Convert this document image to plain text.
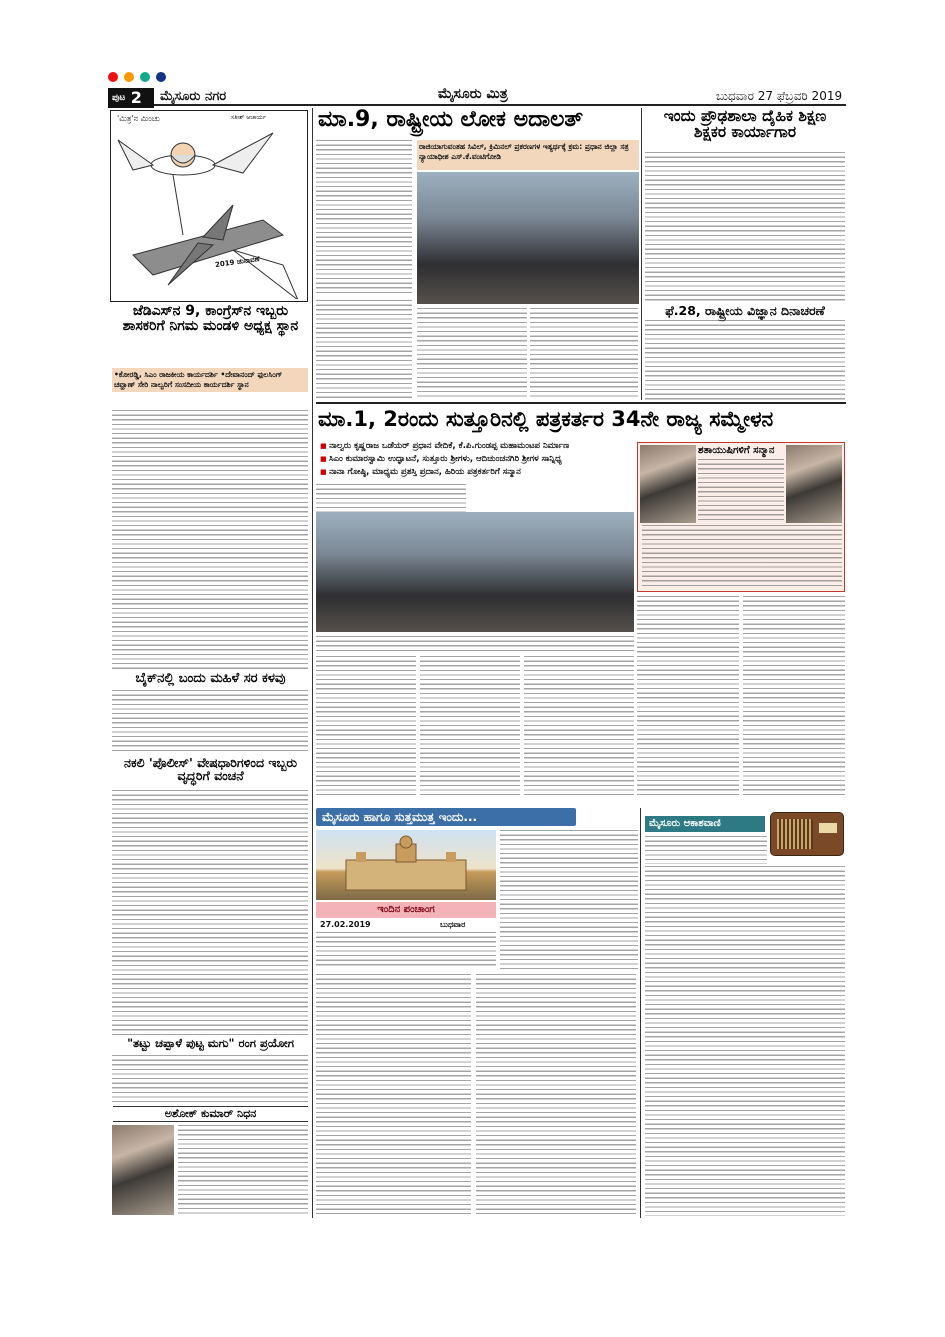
$^{ಪುಟ}$ 2	ಮೈಸೂರು ನಗರ	ಮೈಸೂರು ಮಿತ್ರ	ಬುಧವಾರ 27 ಫೆಬ್ರವರಿ 2019
'ಮಿತ್ರ'ನ ಮಿಂಚು	ಸತೀಶ್ ಆಚಾರ್ಯ
2019 ಚುನಾವಣೆ
ಜೆಡಿಎಸ್‌ನ 9, ಕಾಂಗ್ರೆಸ್‌ನ ಇಬ್ಬರು ಶಾಸಕರಿಗೆ ನಿಗಮ ಮಂಡಳಿ ಅಧ್ಯಕ್ಷ ಸ್ಥಾನ
•ಕೋರಡ್ಡಿ, ಸಿಎಂ ರಾಜಕೀಯ ಕಾರ್ಯದರ್ಶಿ •ದೇವಾನಂದ್ ಫುಲಸಿಂಗ್ ಚವ್ಹಾಣ್ ಸೇರಿ ನಾಲ್ವರಿಗೆ ಸಂಸದೀಯ ಕಾರ್ಯದರ್ಶಿ ಸ್ಥಾನ
ಬೈಕ್‌ನಲ್ಲಿ ಬಂದು ಮಹಿಳೆ ಸರ ಕಳವು
ನಕಲಿ 'ಪೊಲೀಸ್' ವೇಷಧಾರಿಗಳಿಂದ ಇಬ್ಬರು ವೃದ್ಧರಿಗೆ ವಂಚನೆ
"ತಟ್ಟು ಚಪ್ಪಾಳೆ ಪುಟ್ಟ ಮಗು" ರಂಗ ಪ್ರಯೋಗ
ಅಶೋಕ್ ಕುಮಾರ್ ನಿಧನ
ಮಾ.9, ರಾಷ್ಟ್ರೀಯ ಲೋಕ ಅದಾಲತ್
ರಾಜಿಯಾಗುವಂತಹ ಸಿವಿಲ್, ಕ್ರಿಮಿನಲ್ ಪ್ರಕರಣಗಳ ಇತ್ಯರ್ಥಕ್ಕೆ ಕ್ರಮ: ಪ್ರಧಾನ ಜಿಲ್ಲಾ ಸತ್ರ ನ್ಯಾಯಾಧೀಶ ಎಸ್.ಕೆ.ವಂಟಿಗೋಡಿ
ಇಂದು ಪ್ರೌಢಶಾಲಾ ದೈಹಿಕ ಶಿಕ್ಷಣ ಶಿಕ್ಷಕರ ಕಾರ್ಯಾಗಾರ
ಫೆ.28, ರಾಷ್ಟ್ರೀಯ ವಿಜ್ಞಾನ ದಿನಾಚರಣೆ
ಮಾ.1, 2ರಂದು ಸುತ್ತೂರಿನಲ್ಲಿ ಪತ್ರಕರ್ತರ 34ನೇ ರಾಜ್ಯ ಸಮ್ಮೇಳನ
■ ನಾಲ್ವರು ಕೃಷ್ಣರಾಜ ಒಡೆಯರ್ ಪ್ರಧಾನ ವೇದಿಕೆ, ಕೆ.ಪಿ.ಗುಂಡಪ್ಪ ಮಹಾಮಂಟಪ ನಿರ್ಮಾಣ
■ ಸಿಎಂ ಕುಮಾರಸ್ವಾಮಿ ಉದ್ಘಾಟನೆ, ಸುತ್ತೂರು ಶ್ರೀಗಳು, ಆದಿಚುಂಚನಗಿರಿ ಶ್ರೀಗಳ ಸಾನ್ನಿಧ್ಯ
■ ನಾನಾ ಗೋಷ್ಠಿ, ಮಾಧ್ಯಮ ಪ್ರಶಸ್ತಿ ಪ್ರದಾನ, ಹಿರಿಯ ಪತ್ರಕರ್ತರಿಗೆ ಸನ್ಮಾನ
ಶತಾಯುಷಿಗಳಿಗೆ ಸನ್ಮಾನ
ಮೈಸೂರು ಹಾಗೂ ಸುತ್ತಮುತ್ತ ಇಂದು...
ಇಂದಿನ ಪಂಚಾಂಗ
27.02.2019	ಬುಧವಾರ
ಮೈಸೂರು ಆಕಾಶವಾಣಿ
